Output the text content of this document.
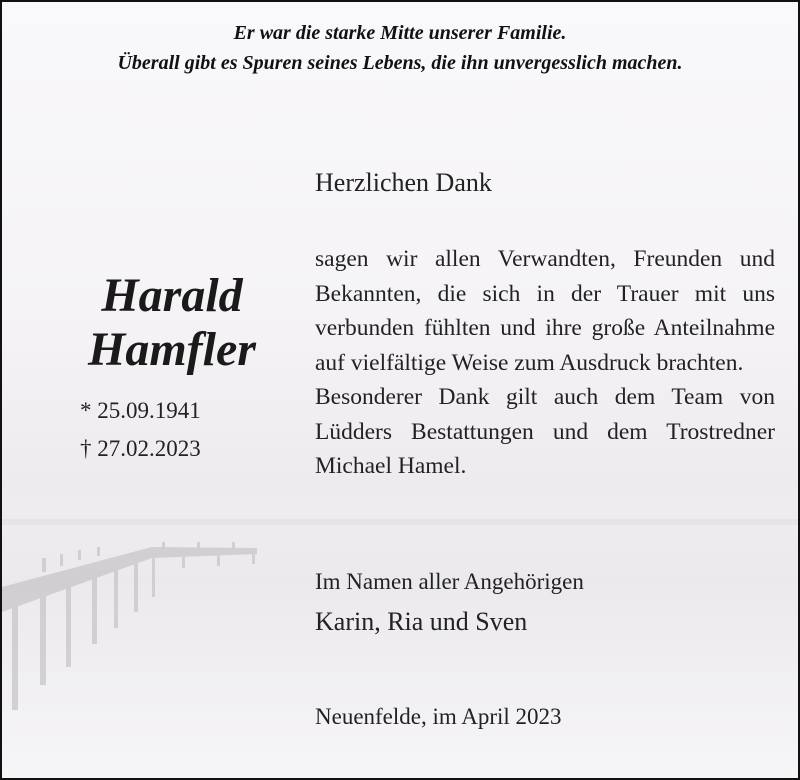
Er war die starke Mitte unserer Familie.
Überall gibt es Spuren seines Lebens, die ihn unvergesslich machen.
Harald
Hamfler
* 25.09.1941
† 27.02.2023
Herzlichen Dank

sagen wir allen Verwandten, Freunden und Bekannten, die sich in der Trauer mit uns verbunden fühlten und ihre große Anteilnahme auf vielfältige Weise zum Ausdruck brachten.

Besonderer Dank gilt auch dem Team von Lüdders Bestattungen und dem Trostredner Michael Hamel.

Im Namen aller Angehörigen
Karin, Ria und Sven
Neuenfelde, im April 2023
